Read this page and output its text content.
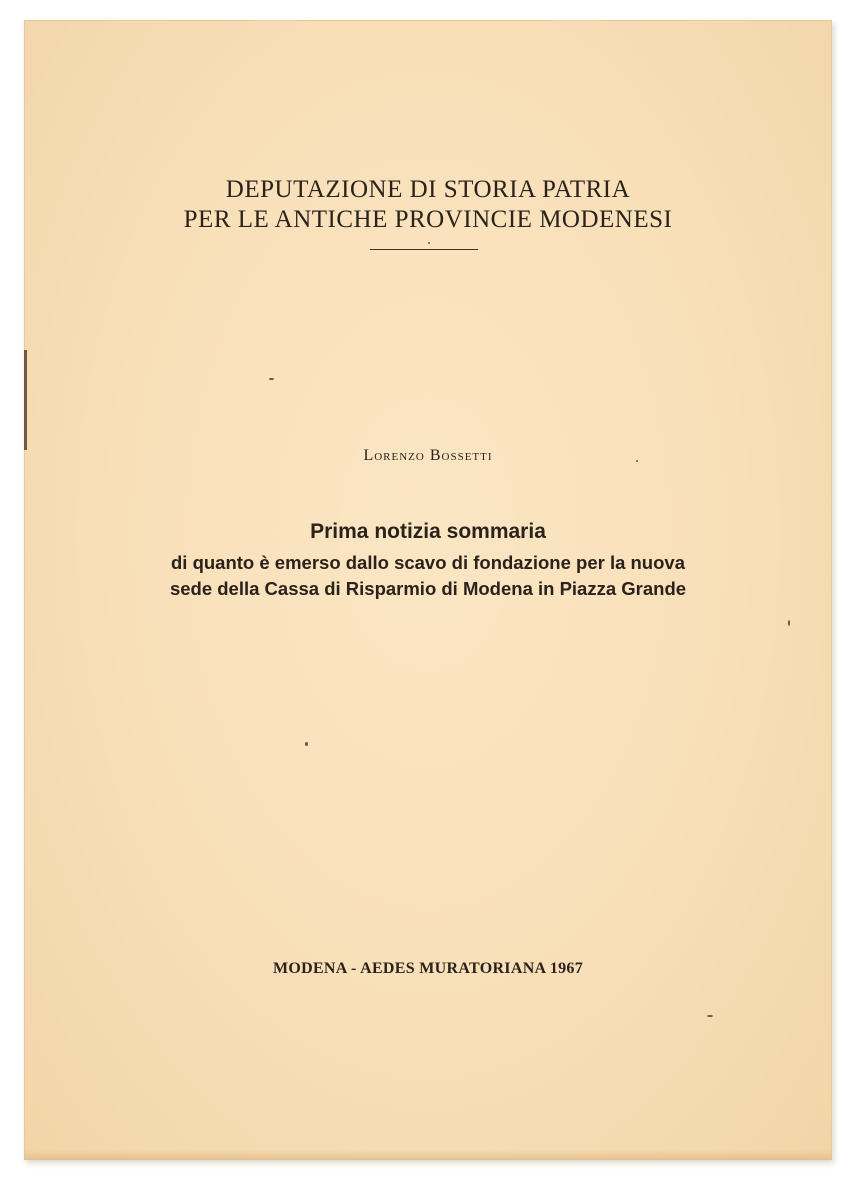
DEPUTAZIONE DI STORIA PATRIA
PER LE ANTICHE PROVINCIE MODENESI
Lorenzo Bossetti
Prima notizia sommaria
di quanto è emerso dallo scavo di fondazione per la nuova
sede della Cassa di Risparmio di Modena in Piazza Grande
MODENA - AEDES MURATORIANA 1967
